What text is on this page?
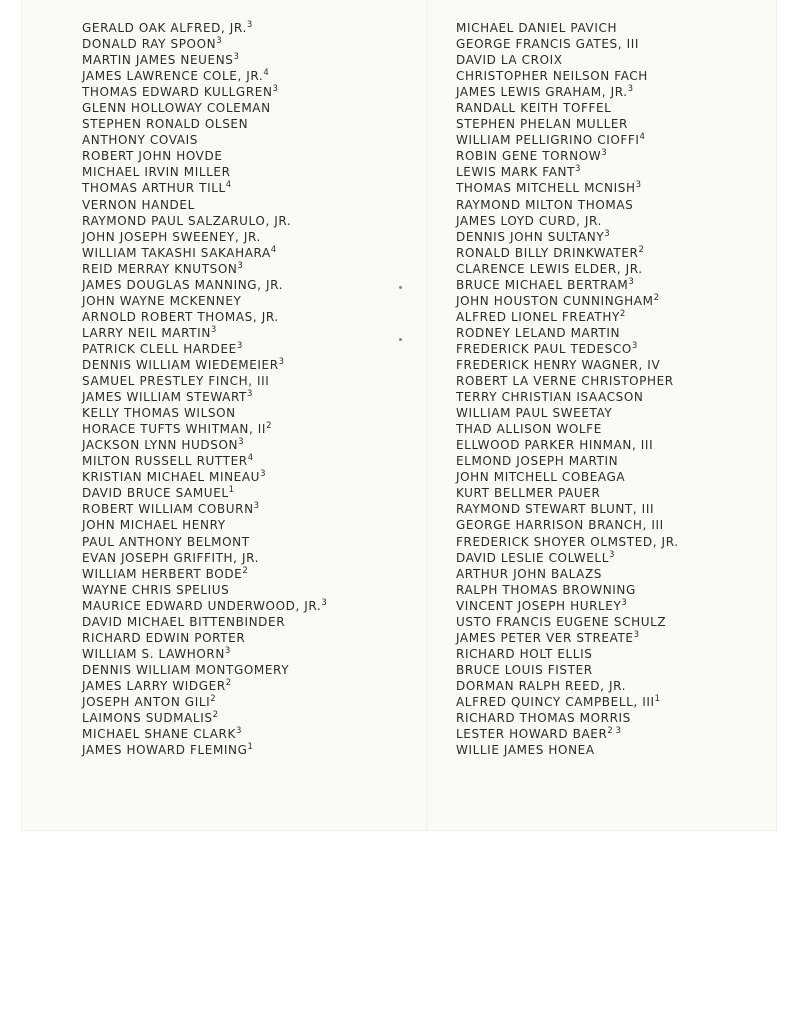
GERALD OAK ALFRED, JR.$^3$
DONALD RAY SPOON$^3$
MARTIN JAMES NEUENS$^3$
JAMES LAWRENCE COLE, JR.$^4$
THOMAS EDWARD KULLGREN$^3$
GLENN HOLLOWAY COLEMAN
STEPHEN RONALD OLSEN
ANTHONY COVAIS
ROBERT JOHN HOVDE
MICHAEL IRVIN MILLER
THOMAS ARTHUR TILL$^4$
VERNON HANDEL
RAYMOND PAUL SALZARULO, JR.
JOHN JOSEPH SWEENEY, JR.
WILLIAM TAKASHI SAKAHARA$^4$
REID MERRAY KNUTSON$^3$
JAMES DOUGLAS MANNING, JR.
JOHN WAYNE MCKENNEY
ARNOLD ROBERT THOMAS, JR.
LARRY NEIL MARTIN$^3$
PATRICK CLELL HARDEE$^3$
DENNIS WILLIAM WIEDEMEIER$^3$
SAMUEL PRESTLEY FINCH, III
JAMES WILLIAM STEWART$^3$
KELLY THOMAS WILSON
HORACE TUFTS WHITMAN, $II^2$
JACKSON LYNN HUDSON$^3$
MILTON RUSSELL RUTTER$^4$
KRISTIAN MICHAEL MINEAU$^3$
DAVID BRUCE SAMUEL$^1$
ROBERT WILLIAM COBURN$^3$
JOHN MICHAEL HENRY
PAUL ANTHONY BELMONT
EVAN JOSEPH GRIFFITH, JR.
WILLIAM HERBERT BODE$^2$
WAYNE CHRIS SPELIUS
MAURICE EDWARD UNDERWOOD, JR.$^3$
DAVID MICHAEL BITTENBINDER
RICHARD EDWIN PORTER
WILLIAM S. LAWHORN$^3$
DENNIS WILLIAM MONTGOMERY
JAMES LARRY WIDGER$^2$
JOSEPH ANTON GILI$^2$
LAIMONS SUDMALIS$^2$
MICHAEL SHANE CLARK$^3$
JAMES HOWARD FLEMING$^1$
MICHAEL DANIEL PAVICH
GEORGE FRANCIS GATES, III
DAVID LA CROIX
CHRISTOPHER NEILSON FACH
JAMES LEWIS GRAHAM, JR.$^3$
RANDALL KEITH TOFFEL
STEPHEN PHELAN MULLER
WILLIAM PELLIGRINO CIOFFI$^4$
ROBIN GENE TORNOW$^3$
LEWIS MARK FANT$^3$
THOMAS MITCHELL MCNISH$^3$
RAYMOND MILTON THOMAS
JAMES LOYD CURD, JR.
DENNIS JOHN SULTANY$^3$
RONALD BILLY DRINKWATER$^2$
CLARENCE LEWIS ELDER, JR.
BRUCE MICHAEL BERTRAM$^3$
JOHN HOUSTON CUNNINGHAM$^2$
ALFRED LIONEL FREATHY$^2$
RODNEY LELAND MARTIN
FREDERICK PAUL TEDESCO$^3$
FREDERICK HENRY WAGNER, IV
ROBERT LA VERNE CHRISTOPHER
TERRY CHRISTIAN ISAACSON
WILLIAM PAUL SWEETAY
THAD ALLISON WOLFE
ELLWOOD PARKER HINMAN, III
ELMOND JOSEPH MARTIN
JOHN MITCHELL COBEAGA
KURT BELLMER PAUER
RAYMOND STEWART BLUNT, III
GEORGE HARRISON BRANCH, III
FREDERICK SHOYER OLMSTED, JR.
DAVID LESLIE COLWELL$^3$
ARTHUR JOHN BALAZS
RALPH THOMAS BROWNING
VINCENT JOSEPH HURLEY$^3$
USTO FRANCIS EUGENE SCHULZ
JAMES PETER VER STREATE$^3$
RICHARD HOLT ELLIS
BRUCE LOUIS FISTER
DORMAN RALPH REED, JR.
ALFRED QUINCY CAMPBELL, III$^1$
RICHARD THOMAS MORRIS
LESTER HOWARD $BAER^{2 3}$
WILLIE JAMES HONEA
